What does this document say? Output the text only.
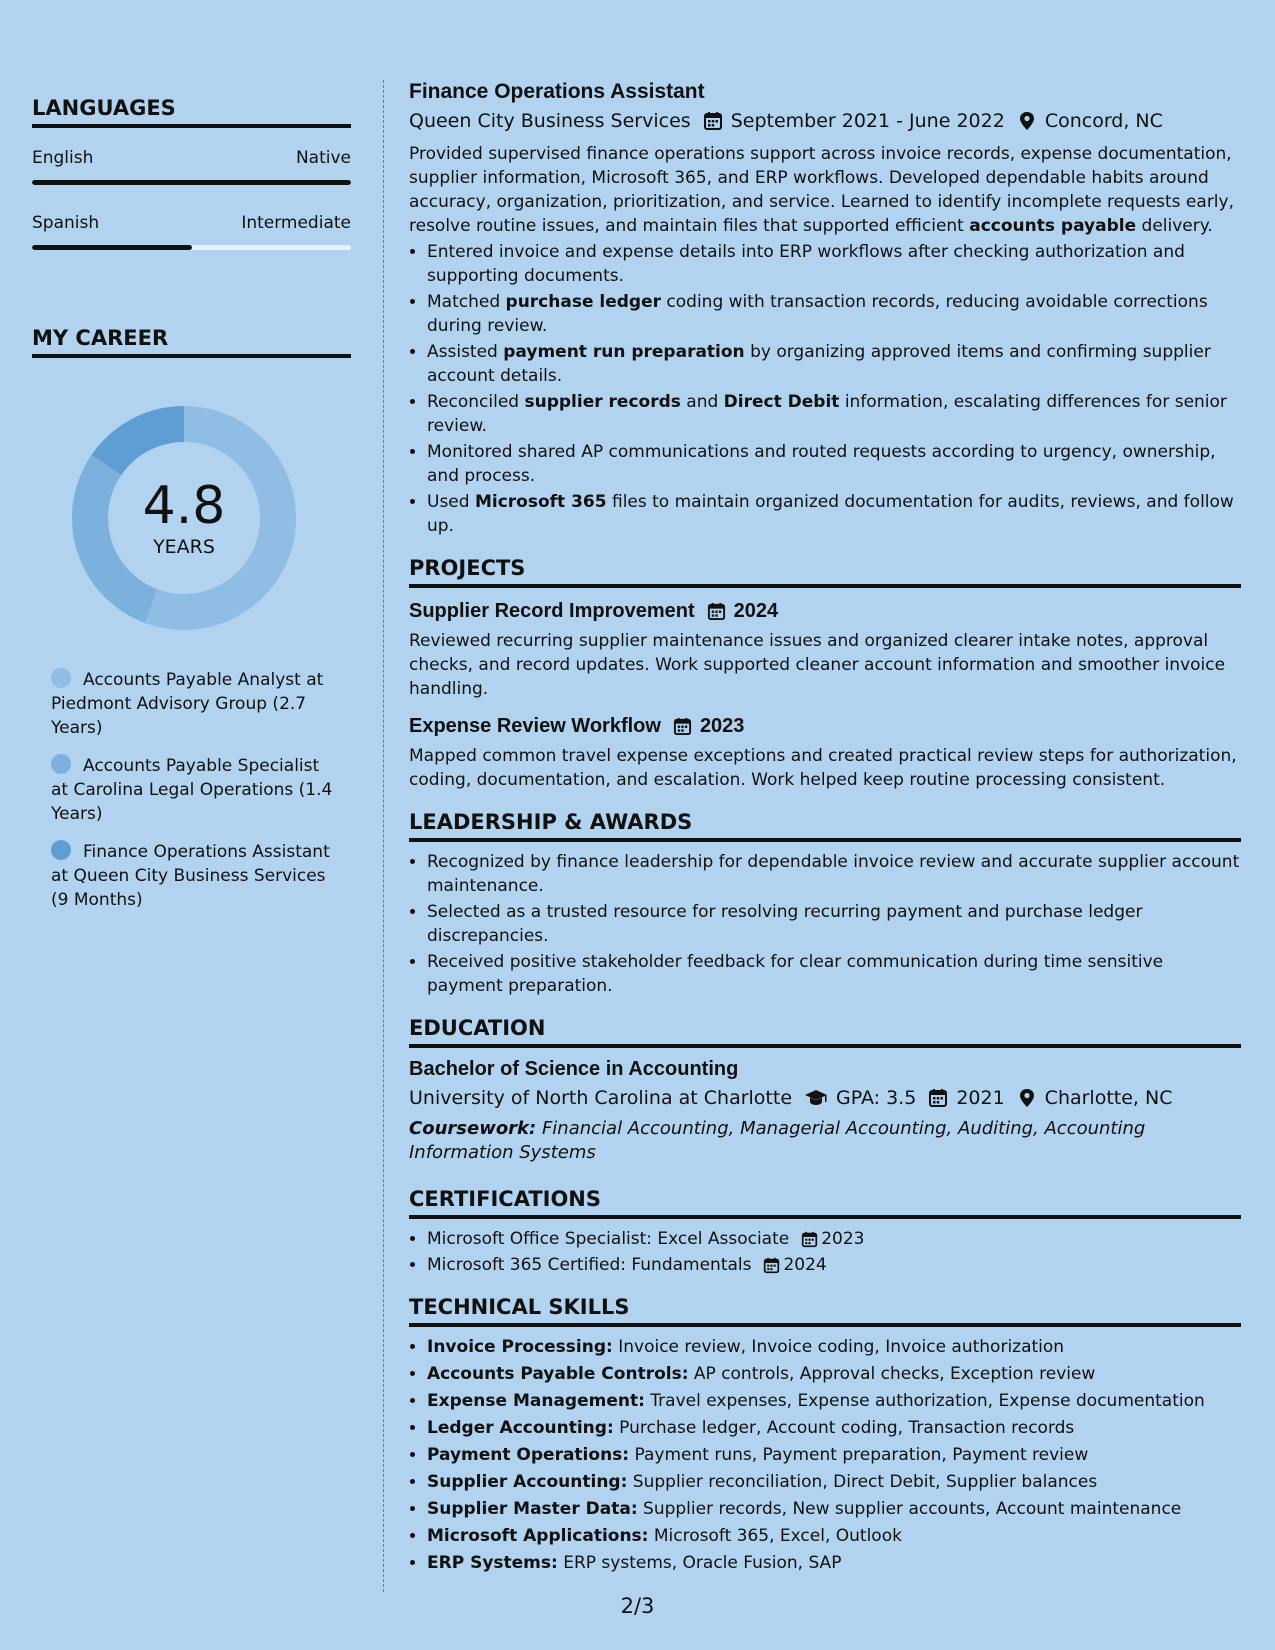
LANGUAGES
English	Native
Spanish	Intermediate
MY CAREER
4.8
YEARS
Accounts Payable Analyst at Piedmont Advisory Group (2.7 Years)
Accounts Payable Specialist at Carolina Legal Operations (1.4 Years)
Finance Operations Assistant at Queen City Business Services (9 Months)
Finance Operations Assistant
Queen City Business Services September 2021 - June 2022 Concord, NC

Provided supervised finance operations support across invoice records, expense documentation, supplier information, Microsoft 365, and ERP workflows. Developed dependable habits around accuracy, organization, prioritization, and service. Learned to identify incomplete requests early, resolve routine issues, and maintain files that supported efficient accounts payable delivery.

• Entered invoice and expense details into ERP workflows after checking authorization and supporting documents.
• Matched purchase ledger coding with transaction records, reducing avoidable corrections during review.
• Assisted payment run preparation by organizing approved items and confirming supplier account details.
• Reconciled supplier records and Direct Debit information, escalating differences for senior review.
• Monitored shared AP communications and routed requests according to urgency, ownership, and process.
• Used Microsoft 365 files to maintain organized documentation for audits, reviews, and follow up.
PROJECTS
Supplier Record Improvement 2024

Reviewed recurring supplier maintenance issues and organized clearer intake notes, approval checks, and record updates. Work supported cleaner account information and smoother invoice handling.

Expense Review Workflow 2023

Mapped common travel expense exceptions and created practical review steps for authorization, coding, documentation, and escalation. Work helped keep routine processing consistent.

LEADERSHIP & AWARDS
• Recognized by finance leadership for dependable invoice review and accurate supplier account maintenance.
• Selected as a trusted resource for resolving recurring payment and purchase ledger discrepancies.
• Received positive stakeholder feedback for clear communication during time sensitive payment preparation.
EDUCATION
Bachelor of Science in Accounting
University of North Carolina at Charlotte GPA: 3.5 2021 Charlotte, NC
Coursework: Financial Accounting, Managerial Accounting, Auditing, Accounting Information Systems
CERTIFICATIONS
• Microsoft Office Specialist: Excel Associate 2023
• Microsoft 365 Certified: Fundamentals 2024
TECHNICAL SKILLS
• Invoice Processing: Invoice review, Invoice coding, Invoice authorization
• Accounts Payable Controls: AP controls, Approval checks, Exception review
• Expense Management: Travel expenses, Expense authorization, Expense documentation
• Ledger Accounting: Purchase ledger, Account coding, Transaction records
• Payment Operations: Payment runs, Payment preparation, Payment review
• Supplier Accounting: Supplier reconciliation, Direct Debit, Supplier balances
• Supplier Master Data: Supplier records, New supplier accounts, Account maintenance
• Microsoft Applications: Microsoft 365, Excel, Outlook
• ERP Systems: ERP systems, Oracle Fusion, SAP
2/3
